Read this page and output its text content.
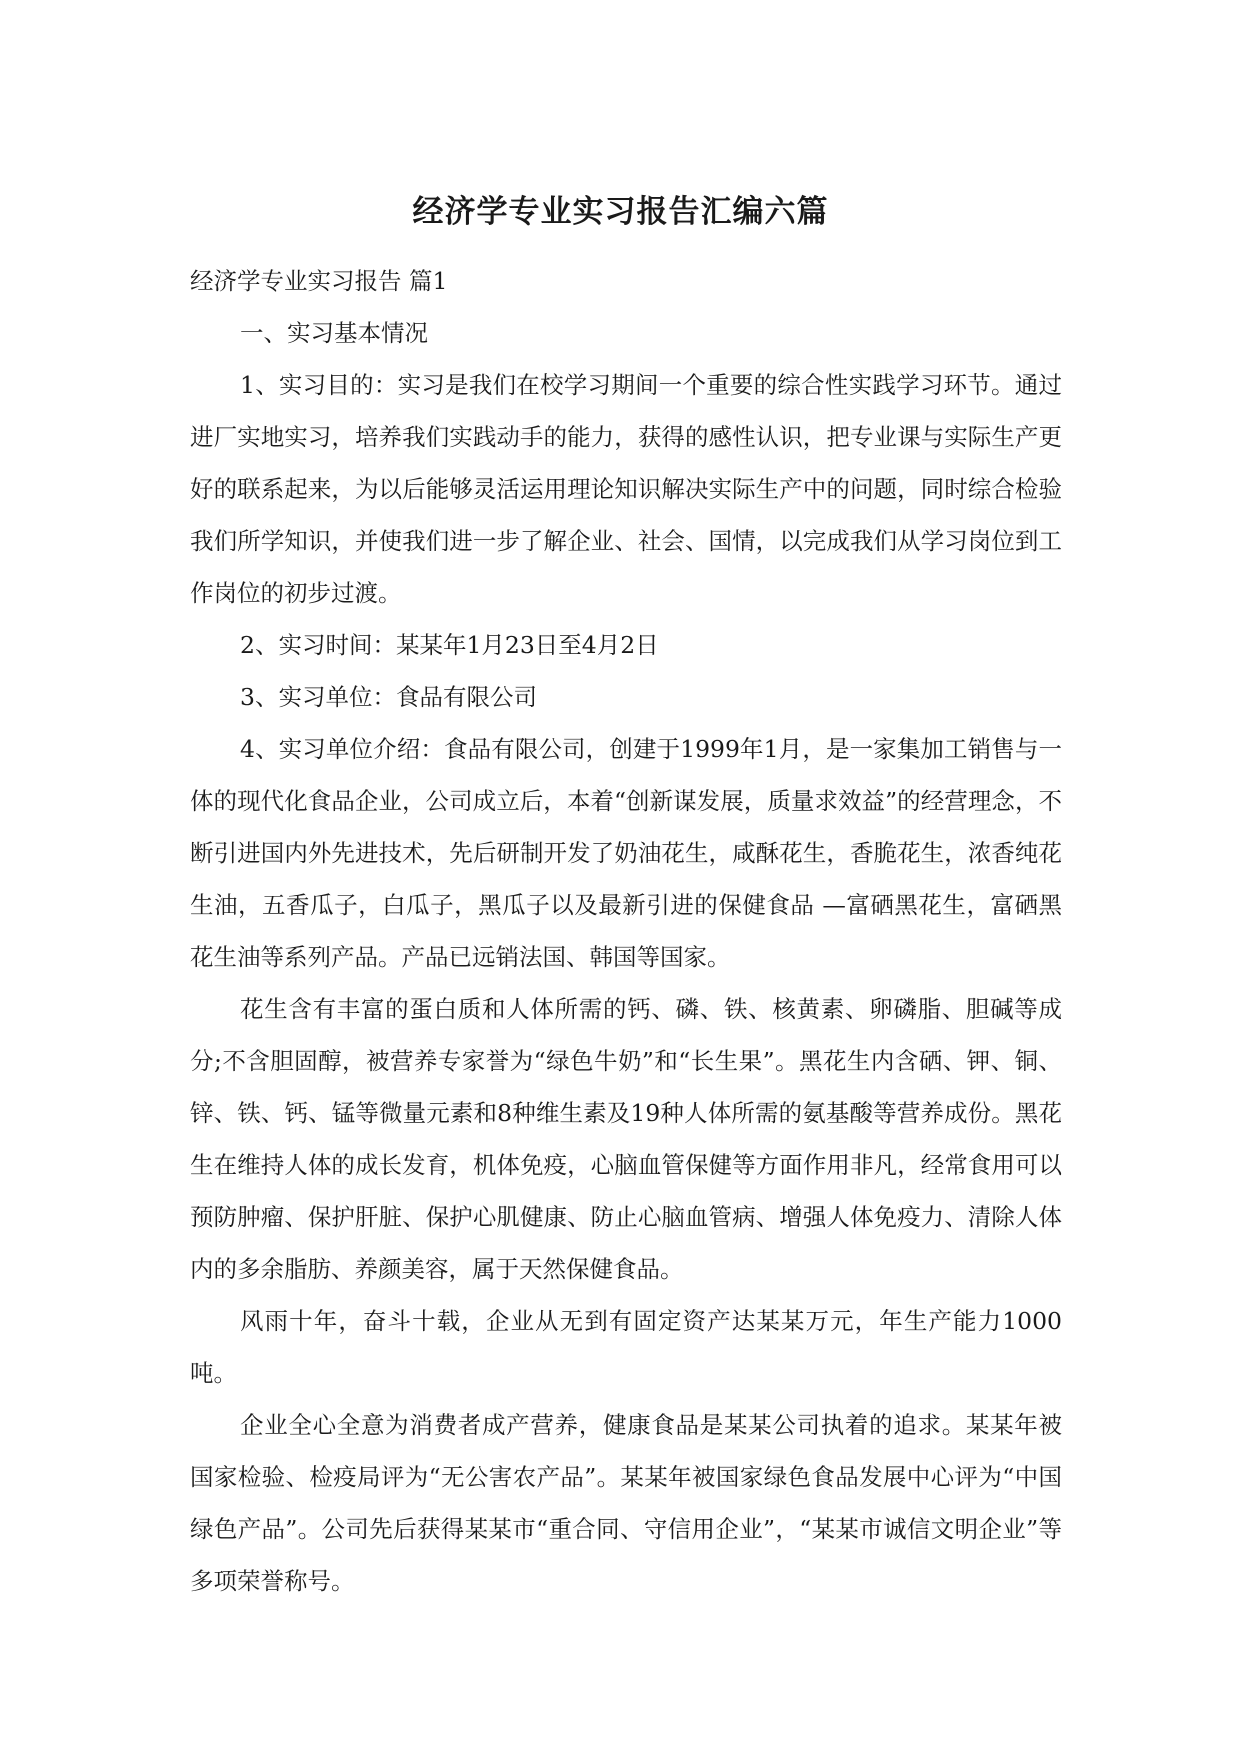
经济学专业实习报告汇编六篇

经济学专业实习报告 篇1

一、实习基本情况

1、实习目的：实习是我们在校学习期间一个重要的综合性实践学习环节。通过进厂实地实习，培养我们实践动手的能力，获得的感性认识，把专业课与实际生产更好的联系起来，为以后能够灵活运用理论知识解决实际生产中的问题，同时综合检验我们所学知识，并使我们进一步了解企业、社会、国情，以完成我们从学习岗位到工作岗位的初步过渡。

2、实习时间：某某年1月23日至4月2日

3、实习单位：食品有限公司

4、实习单位介绍：食品有限公司，创建于1999年1月，是一家集加工销售与一体的现代化食品企业，公司成立后，本着“创新谋发展，质量求效益”的经营理念，不断引进国内外先进技术，先后研制开发了奶油花生，咸酥花生，香脆花生，浓香纯花生油，五香瓜子，白瓜子，黑瓜子以及最新引进的保健食品 —富硒黑花生，富硒黑花生油等系列产品。产品已远销法国、韩国等国家。

花生含有丰富的蛋白质和人体所需的钙、磷、铁、核黄素、卵磷脂、胆碱等成分;不含胆固醇，被营养专家誉为“绿色牛奶”和“长生果”。黑花生内含硒、钾、铜、锌、铁、钙、锰等微量元素和8种维生素及19种人体所需的氨基酸等营养成份。黑花生在维持人体的成长发育，机体免疫，心脑血管保健等方面作用非凡，经常食用可以预防肿瘤、保护肝脏、保护心肌健康、防止心脑血管病、增强人体免疫力、清除人体内的多余脂肪、养颜美容，属于天然保健食品。

风雨十年，奋斗十载，企业从无到有固定资产达某某万元，年生产能力1000吨。

企业全心全意为消费者成产营养，健康食品是某某公司执着的追求。某某年被国家检验、检疫局评为“无公害农产品”。某某年被国家绿色食品发展中心评为“中国绿色产品”。公司先后获得某某市“重合同、守信用企业”，“某某市诚信文明企业”等多项荣誉称号。
